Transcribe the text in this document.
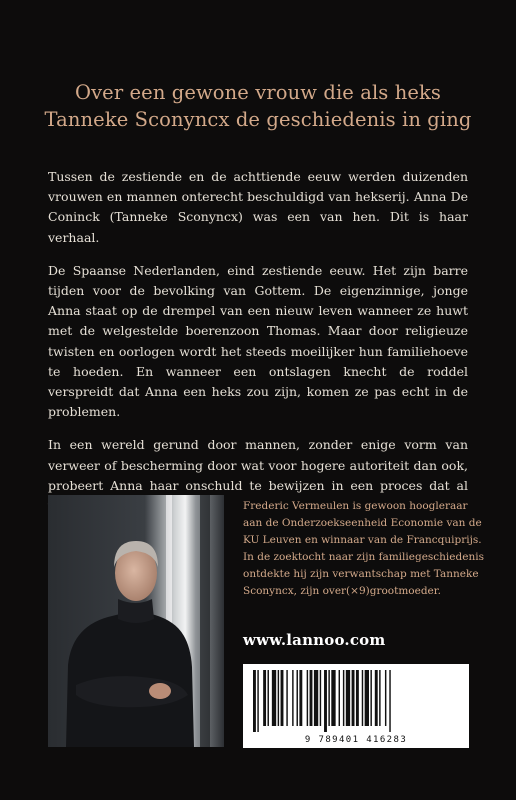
Over een gewone vrouw die als heks
Tanneke Sconyncx de geschiedenis in ging

Tussen de zestiende en de achttiende eeuw werden duizenden vrouwen en mannen onterecht beschuldigd van hekserij. Anna De Coninck (Tanneke Sconyncx) was een van hen. Dit is haar verhaal.

De Spaanse Nederlanden, eind zestiende eeuw. Het zijn barre tijden voor de bevolking van Gottem. De eigenzinnige, jonge Anna staat op de drempel van een nieuw leven wanneer ze huwt met de welgestelde boerenzoon Thomas. Maar door religieuze twisten en oorlogen wordt het steeds moeilijker hun familiehoeve te hoeden. En wanneer een ontslagen knecht de roddel verspreidt dat Anna een heks zou zijn, komen ze pas echt in de problemen.

In een wereld gerund door mannen, zonder enige vorm van verweer of bescherming door wat voor hogere autoriteit dan ook, probeert Anna haar onschuld te bewijzen in een proces dat al

Frederic Vermeulen is gewoon hoogleraar
aan de Onderzoekseenheid Economie van de
KU Leuven en winnaar van de Francquiprijs.
In de zoektocht naar zijn familiegeschiedenis
ontdekte hij zijn verwantschap met Tanneke
Sconyncx, zijn over(×9)grootmoeder.
www.lannoo.com
9 789401 416283
